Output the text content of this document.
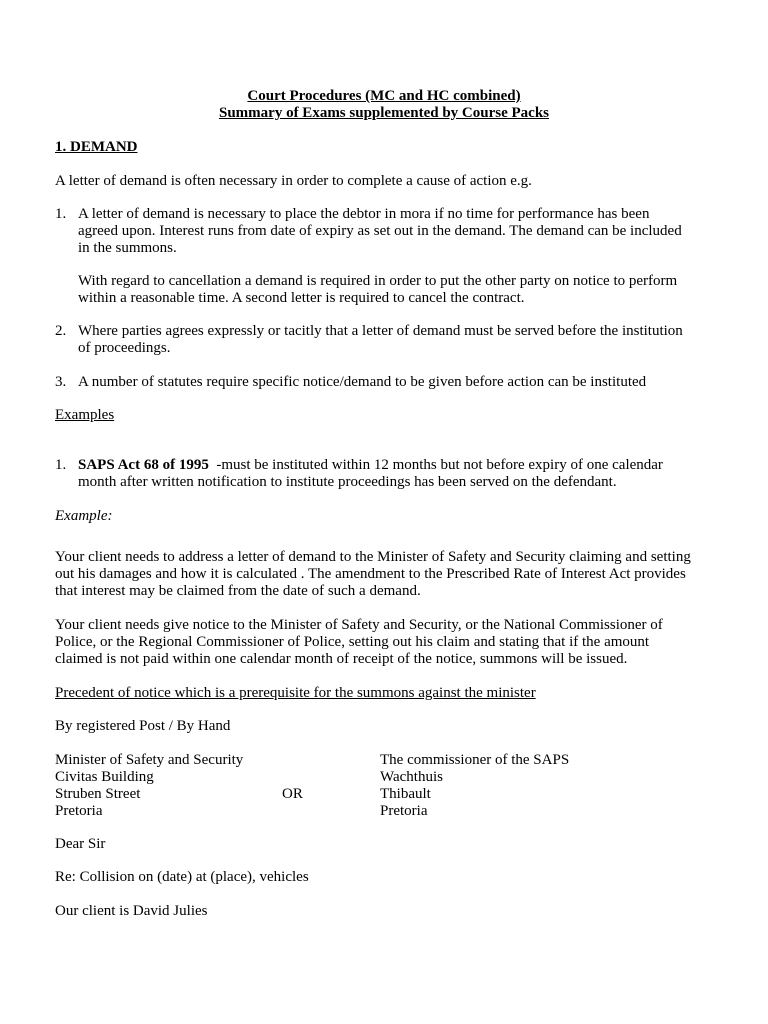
Court Procedures (MC and HC combined)
Summary of Exams supplemented by Course Packs
1. DEMAND
A letter of demand is often necessary in order to complete a cause of action e.g.
1. A letter of demand is necessary to place the debtor in mora if no time for performance has been
agreed upon. Interest runs from date of expiry as set out in the demand. The demand can be included
in the summons.
With regard to cancellation a demand is required in order to put the other party on notice to perform
within a reasonable time. A second letter is required to cancel the contract.
2. Where parties agrees expressly or tacitly that a letter of demand must be served before the institution
of proceedings.
3. A number of statutes require specific notice/demand to be given before action can be instituted
Examples
1. SAPS Act 68 of 1995  -must be instituted within 12 months but not before expiry of one calendar
month after written notification to institute proceedings has been served on the defendant.
Example:
Your client needs to address a letter of demand to the Minister of Safety and Security claiming and setting
out his damages and how it is calculated . The amendment to the Prescribed Rate of Interest Act provides
that interest may be claimed from the date of such a demand.
Your client needs give notice to the Minister of Safety and Security, or the National Commissioner of
Police, or the Regional Commissioner of Police, setting out his claim and stating that if the amount
claimed is not paid within one calendar month of receipt of the notice, summons will be issued.
Precedent of notice which is a prerequisite for the summons against the minister
By registered Post / By Hand
Minister of Safety and Security
Civitas Building
Struben Street
Pretoria
OR
The commissioner of the SAPS
Wachthuis
Thibault
Pretoria
Dear Sir
Re: Collision on (date) at (place), vehicles
Our client is David Julies
